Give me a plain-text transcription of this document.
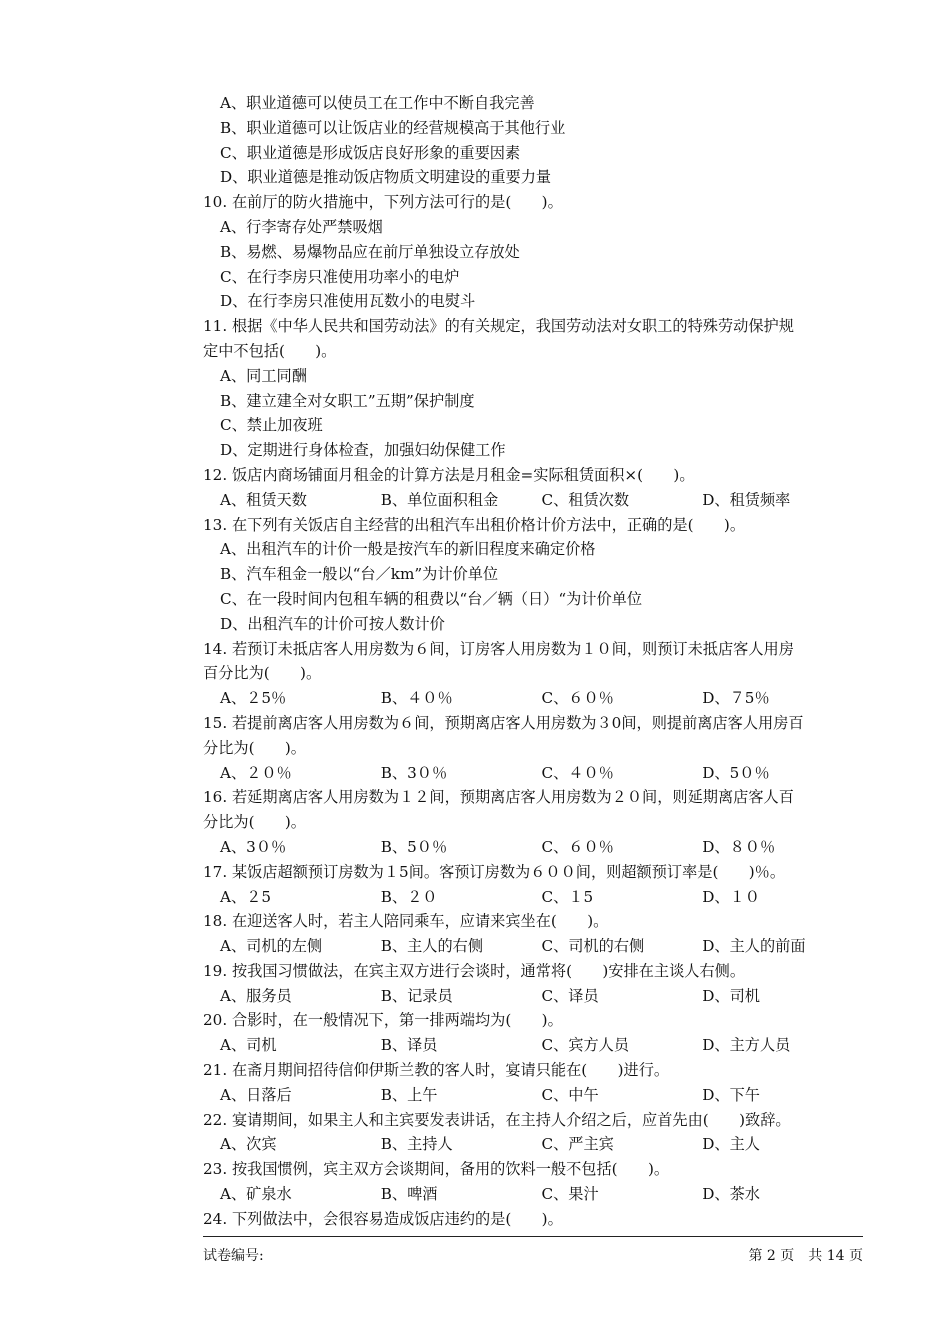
A、职业道德可以使员工在工作中不断自我完善
B、职业道德可以让饭店业的经营规模高于其他行业
C、职业道德是形成饭店良好形象的重要因素
D、职业道德是推动饭店物质文明建设的重要力量
10. 在前厅的防火措施中，下列方法可行的是(　　)。
A、行李寄存处严禁吸烟
B、易燃、易爆物品应在前厅单独设立存放处
C、在行李房只准使用功率小的电炉
D、在行李房只准使用瓦数小的电熨斗
11. 根据《中华人民共和国劳动法》的有关规定，我国劳动法对女职工的特殊劳动保护规
定中不包括(　　)。
A、同工同酬
B、建立建全对女职工”五期”保护制度
C、禁止加夜班
D、定期进行身体检查，加强妇幼保健工作
12. 饭店内商场铺面月租金的计算方法是月租金=实际租赁面积×(　　)。
A、租赁天数	B、单位面积租金	C、租赁次数	D、租赁频率
13. 在下列有关饭店自主经营的出租汽车出租价格计价方法中，正确的是(　　)。
A、出租汽车的计价一般是按汽车的新旧程度来确定价格
B、汽车租金一般以“台／km”为计价单位
C、在一段时间内包租车辆的租费以“台／辆（日）“为计价单位
D、出租汽车的计价可按人数计价
14. 若预订未抵店客人用房数为６间，订房客人用房数为１０间，则预订未抵店客人用房
百分比为(　　)。
A、２5％	B、４０％	C、６０％	D、７5％
15. 若提前离店客人用房数为６间，预期离店客人用房数为３0间，则提前离店客人用房百
分比为(　　)。
A、２０％	B、3０％	C、４０％	D、5０％
16. 若延期离店客人用房数为１２间，预期离店客人用房数为２０间，则延期离店客人百
分比为(　　)。
A、3０％	B、5０％	C、６０％	D、８０％
17. 某饭店超额预订房数为１5间。客预订房数为６００间，则超额预订率是(　　)％。
A、２5	B、２０	C、１5	D、１０
18. 在迎送客人时，若主人陪同乘车，应请来宾坐在(　　)。
A、司机的左侧	B、主人的右侧	C、司机的右侧	D、主人的前面
19. 按我国习惯做法，在宾主双方进行会谈时，通常将(　　)安排在主谈人右侧。
A、服务员	B、记录员	C、译员	D、司机
20. 合影时，在一般情况下，第一排两端均为(　　)。
A、司机	B、译员	C、宾方人员	D、主方人员
21. 在斋月期间招待信仰伊斯兰教的客人时，宴请只能在(　　)进行。
A、日落后	B、上午	C、中午	D、下午
22. 宴请期间，如果主人和主宾要发表讲话，在主持人介绍之后，应首先由(　　)致辞。
A、次宾	B、主持人	C、严主宾	D、主人
23. 按我国惯例，宾主双方会谈期间，备用的饮料一般不包括(　　)。
A、矿泉水	B、啤酒	C、果汁	D、茶水
24. 下列做法中，会很容易造成饭店违约的是(　　)。
试卷编号:	第 2 页　共 14 页
